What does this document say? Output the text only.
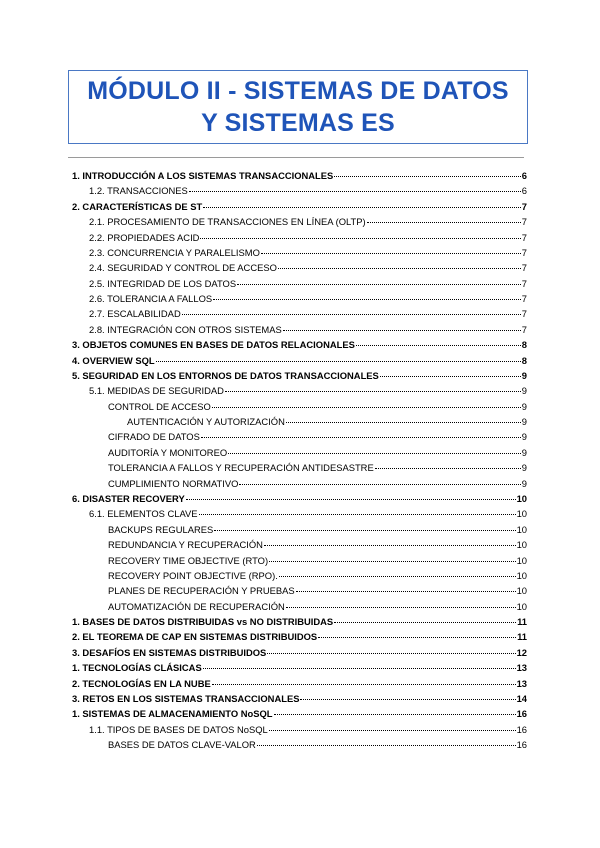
MÓDULO II - SISTEMAS DE DATOS
Y SISTEMAS ES
1. INTRODUCCIÓN A LOS SISTEMAS TRANSACCIONALES	6
1.2. TRANSACCIONES	6
2. CARACTERÍSTICAS DE ST	7
2.1. PROCESAMIENTO DE TRANSACCIONES EN LÍNEA (OLTP)	7
2.2. PROPIEDADES ACID	7
2.3. CONCURRENCIA Y PARALELISMO	7
2.4. SEGURIDAD Y CONTROL DE ACCESO	7
2.5. INTEGRIDAD DE LOS DATOS	7
2.6. TOLERANCIA A FALLOS	7
2.7. ESCALABILIDAD	7
2.8. INTEGRACIÓN CON OTROS SISTEMAS	7
3. OBJETOS COMUNES EN BASES DE DATOS RELACIONALES	8
4. OVERVIEW SQL	8
5. SEGURIDAD EN LOS ENTORNOS DE DATOS TRANSACCIONALES	9
5.1. MEDIDAS DE SEGURIDAD	9
CONTROL DE ACCESO	9
AUTENTICACIÓN Y AUTORIZACIÓN	9
CIFRADO DE DATOS	9
AUDITORÍA Y MONITOREO	9
TOLERANCIA A FALLOS Y RECUPERACIÓN ANTIDESASTRE	9
CUMPLIMIENTO NORMATIVO	9
6. DISASTER RECOVERY	10
6.1. ELEMENTOS CLAVE	10
BACKUPS REGULARES	10
REDUNDANCIA Y RECUPERACIÓN	10
RECOVERY TIME OBJECTIVE (RTO)	10
RECOVERY POINT OBJECTIVE (RPO).	10
PLANES DE RECUPERACIÓN Y PRUEBAS	10
AUTOMATIZACIÓN DE RECUPERACIÓN	10
1. BASES DE DATOS DISTRIBUIDAS vs NO DISTRIBUIDAS	11
2. EL TEOREMA DE CAP EN SISTEMAS DISTRIBUIDOS	11
3. DESAFÍOS EN SISTEMAS DISTRIBUIDOS	12
1. TECNOLOGÍAS CLÁSICAS	13
2. TECNOLOGÍAS EN LA NUBE	13
3. RETOS EN LOS SISTEMAS TRANSACCIONALES	14
1. SISTEMAS DE ALMACENAMIENTO NoSQL	16
1.1. TIPOS DE BASES DE DATOS NoSQL	16
BASES DE DATOS CLAVE-VALOR	16
